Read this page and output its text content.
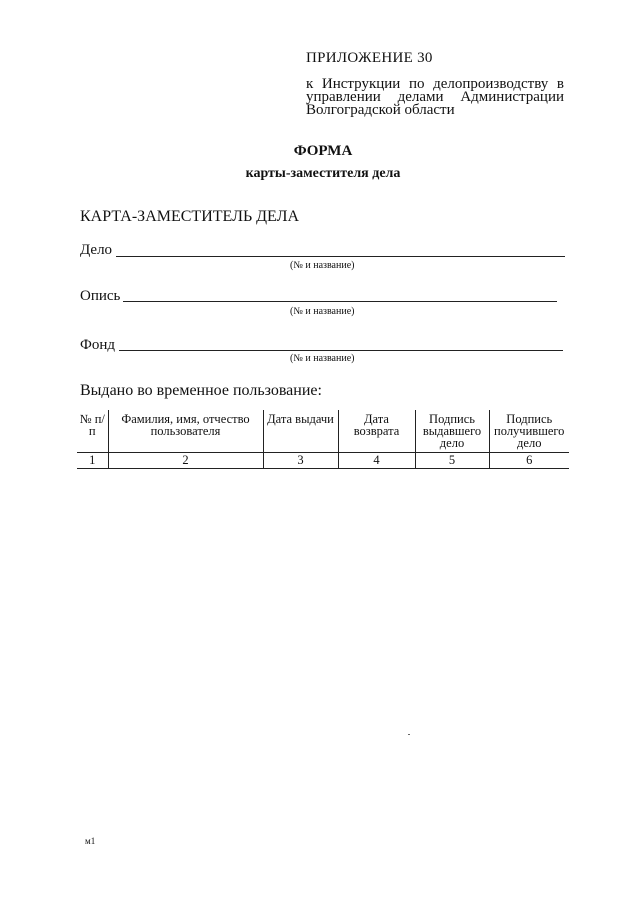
ПРИЛОЖЕНИЕ 30
к Инструкции по делопроизводству в управлении делами Администрации Волгоградской области
ФОРМА
карты-заместителя дела
КАРТА-ЗАМЕСТИТЕЛЬ ДЕЛА
Дело
(№ и название)
Опись
(№ и название)
Фонд
(№ и название)
Выдано во временное пользование:
№ п/п	Фамилия, имя, отчество пользователя	Дата выдачи	Дата возврата	Подпись выдавшего дело	Подпись получившего дело
1	2	3	4	5	6
м1
